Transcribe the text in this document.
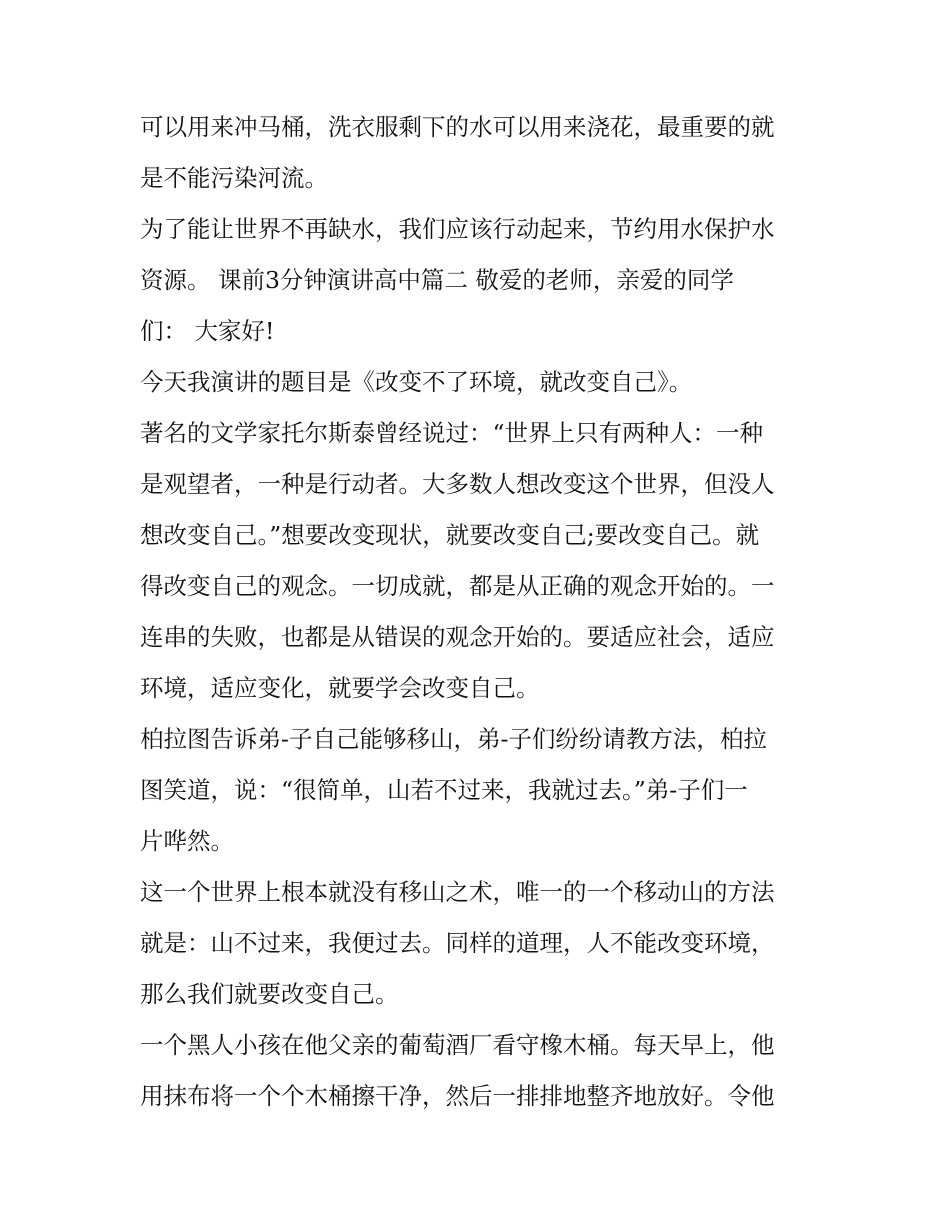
可以用来冲马桶，洗衣服剩下的水可以用来浇花，最重要的就
是不能污染河流。
为了能让世界不再缺水，我们应该行动起来，节约用水保护水
资源。 课前3分钟演讲高中篇二 敬爱的老师，亲爱的同学
们： 大家好!
今天我演讲的题目是《改变不了环境，就改变自己》。
著名的文学家托尔斯泰曾经说过：“世界上只有两种人：一种
是观望者，一种是行动者。大多数人想改变这个世界，但没人
想改变自己。”想要改变现状，就要改变自己;要改变自己。就
得改变自己的观念。一切成就，都是从正确的观念开始的。一
连串的失败，也都是从错误的观念开始的。要适应社会，适应
环境，适应变化，就要学会改变自己。
柏拉图告诉弟-子自己能够移山，弟-子们纷纷请教方法，柏拉
图笑道，说：“很简单，山若不过来，我就过去。”弟-子们一
片哗然。
这一个世界上根本就没有移山之术，唯一的一个移动山的方法
就是：山不过来，我便过去。同样的道理，人不能改变环境，
那么我们就要改变自己。
一个黑人小孩在他父亲的葡萄酒厂看守橡木桶。每天早上，他
用抹布将一个个木桶擦干净，然后一排排地整齐地放好。令他
